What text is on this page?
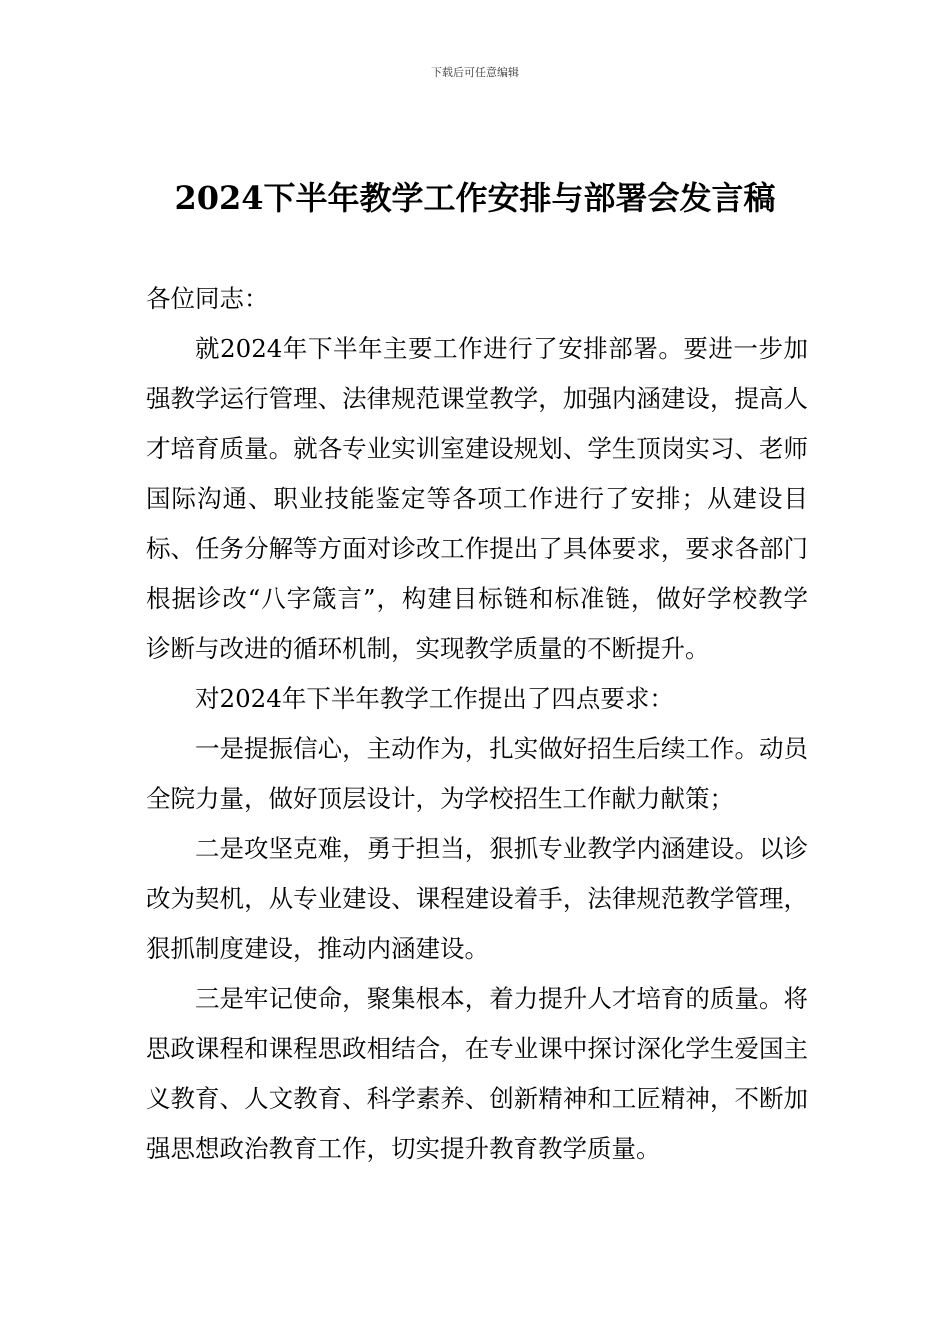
下载后可任意编辑
2024下半年教学工作安排与部署会发言稿

各位同志：

就2024年下半年主要工作进行了安排部署。要进一步加强教学运行管理、法律规范课堂教学，加强内涵建设，提高人才培育质量。就各专业实训室建设规划、学生顶岗实习、老师国际沟通、职业技能鉴定等各项工作进行了安排；从建设目标、任务分解等方面对诊改工作提出了具体要求，要求各部门根据诊改“八字箴言”，构建目标链和标准链，做好学校教学诊断与改进的循环机制，实现教学质量的不断提升。

对2024年下半年教学工作提出了四点要求：

一是提振信心，主动作为，扎实做好招生后续工作。动员全院力量，做好顶层设计，为学校招生工作献力献策；

二是攻坚克难，勇于担当，狠抓专业教学内涵建设。以诊改为契机，从专业建设、课程建设着手，法律规范教学管理，狠抓制度建设，推动内涵建设。

三是牢记使命，聚集根本，着力提升人才培育的质量。将思政课程和课程思政相结合，在专业课中探讨深化学生爱国主义教育、人文教育、科学素养、创新精神和工匠精神，不断加强思想政治教育工作，切实提升教育教学质量。
